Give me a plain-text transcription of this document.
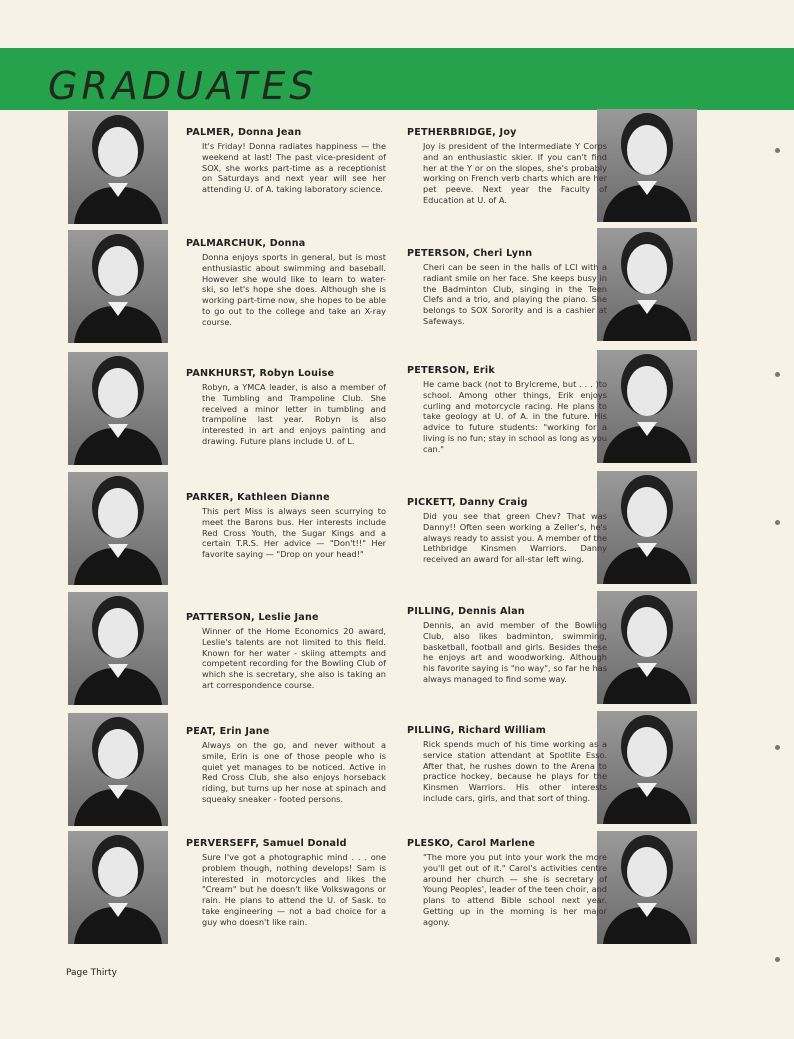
GRADUATES

PALMER, Donna Jean

It's Friday! Donna radiates happiness — the weekend at last! The past vice-president of SOX, she works part-time as a receptionist on Saturdays and next year will see her attending U. of A. taking laboratory science.

PALMARCHUK, Donna

Donna enjoys sports in general, but is most enthusiastic about swimming and baseball. However she would like to learn to water-ski, so let's hope she does. Although she is working part-time now, she hopes to be able to go out to the college and take an X-ray course.

PANKHURST, Robyn Louise

Robyn, a YMCA leader, is also a member of the Tumbling and Trampoline Club. She received a minor letter in tumbling and trampoline last year. Robyn is also interested in art and enjoys painting and drawing. Future plans include U. of L.

PARKER, Kathleen Dianne

This pert Miss is always seen scurrying to meet the Barons bus. Her interests include Red Cross Youth, the Sugar Kings and a certain T.R.S. Her advice — "Don't!!" Her favorite saying — "Drop on your head!"

PATTERSON, Leslie Jane

Winner of the Home Economics 20 award, Leslie's talents are not limited to this field. Known for her water - skiing attempts and competent recording for the Bowling Club of which she is secretary, she also is taking an art correspondence course.

PEAT, Erin Jane

Always on the go, and never without a smile, Erin is one of those people who is quiet yet manages to be noticed. Active in Red Cross Club, she also enjoys horseback riding, but turns up her nose at spinach and squeaky sneaker - footed persons.

PERVERSEFF, Samuel Donald

Sure I've got a photographic mind . . . one problem though, nothing develops! Sam is interested in motorcycles and likes the "Cream" but he doesn't like Volkswagons or rain. He plans to attend the U. of Sask. to take engineering — not a bad choice for a guy who doesn't like rain.

PETHERBRIDGE, Joy

Joy is president of the Intermediate Y Corps and an enthusiastic skier. If you can't find her at the Y or on the slopes, she's probably working on French verb charts which are her pet peeve. Next year the Faculty of Education at U. of A.

PETERSON, Cheri Lynn

Cheri can be seen in the halls of LCI with a radiant smile on her face. She keeps busy in the Badminton Club, singing in the Teen Clefs and a trio, and playing the piano. She belongs to SOX Sorority and is a cashier at Safeways.

PETERSON, Erik

He came back (not to Brylcreme, but . . . )to school. Among other things, Erik enjoys curling and motorcycle racing. He plans to take geology at U. of A. in the future. His advice to future students: "working for a living is no fun; stay in school as long as you can."

PICKETT, Danny Craig

Did you see that green Chev? That was Danny!! Often seen working a Zeller's, he's always ready to assist you. A member of the Lethbridge Kinsmen Warriors. Danny received an award for all-star left wing.

PILLING, Dennis Alan

Dennis, an avid member of the Bowling Club, also likes badminton, swimming, basketball, football and girls. Besides these he enjoys art and woodworking. Although his favorite saying is "no way", so far he has always managed to find some way.

PILLING, Richard William

Rick spends much of his time working as a service station attendant at Spotlite Esso. After that, he rushes down to the Arena to practice hockey, because he plays for the Kinsmen Warriors. His other interests include cars, girls, and that sort of thing.

PLESKO, Carol Marlene

"The more you put into your work the more you'll get out of it." Carol's activities centre around her church — she is secretary of Young Peoples', leader of the teen choir, and plans to attend Bible school next year. Getting up in the morning is her major agony.

Page Thirty
